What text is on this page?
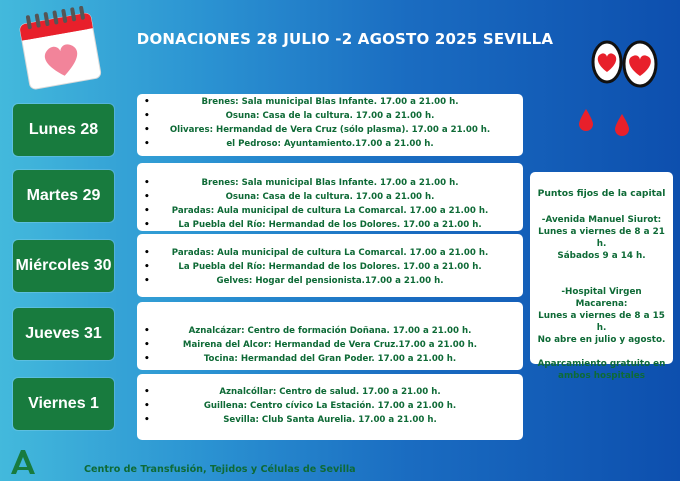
DONACIONES 28 JULIO -2 AGOSTO 2025 SEVILLA
Lunes 28
Martes 29
Miércoles 30
Jueves 31
Viernes 1
• Brenes: Sala municipal Blas Infante. 17.00 a 21.00 h.
• Osuna: Casa de la cultura. 17.00 a 21.00 h.
• Olivares: Hermandad de Vera Cruz (sólo plasma). 17.00 a 21.00 h.
• el Pedroso: Ayuntamiento.17.00 a 21.00 h.
• Brenes: Sala municipal Blas Infante. 17.00 a 21.00 h.
• Osuna: Casa de la cultura. 17.00 a 21.00 h.
• Paradas: Aula municipal de cultura La Comarcal. 17.00 a 21.00 h.
• La Puebla del Río: Hermandad de los Dolores. 17.00 a 21.00 h.
• Paradas: Aula municipal de cultura La Comarcal. 17.00 a 21.00 h.
• La Puebla del Río: Hermandad de los Dolores. 17.00 a 21.00 h.
• Gelves: Hogar del pensionista.17.00 a 21.00 h.
• Aznalcázar: Centro de formación Doñana. 17.00 a 21.00 h.
• Mairena del Alcor: Hermandad de Vera Cruz.17.00 a 21.00 h.
• Tocina: Hermandad del Gran Poder. 17.00 a 21.00 h.
• Aznalcóllar: Centro de salud. 17.00 a 21.00 h.
• Guillena: Centro cívico La Estación. 17.00 a 21.00 h.
• Sevilla: Club Santa Aurelia. 17.00 a 21.00 h.

Puntos fijos de la capital

-Avenida Manuel Siurot:

Lunes a viernes de 8 a 21 h.

Sábados 9 a 14 h.

-Hospital Virgen Macarena:

Lunes a viernes de 8 a 15 h.

No abre en julio y agosto.

Aparcamiento gratuito en

ambos hospitales

Centro de Transfusión, Tejidos y Células de Sevilla
